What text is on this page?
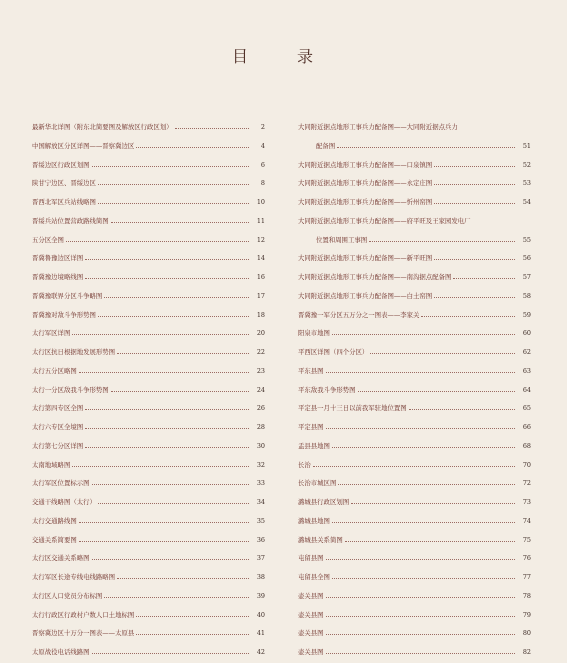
目 录
最新华北详图（附东北简要图及解放区行政区划）	2
中国解放区分区详图——晋察冀边区	4
晋绥边区行政区划图	6
陕甘宁边区、晋绥边区	8
晋西北军区兵站线略图	10
晋绥兵站位置营政路线简图	11
五分区全图	12
晋冀鲁豫边区详图	14
晋冀豫边境略线图	16
晋冀豫联界分区斗争略图	17
晋冀豫对敌斗争形势图	18
太行军区详图	20
太行区抗日根据地发展形势图	22
太行五分区略图	23
太行一分区敌我斗争形势图	24
太行第四专区全图	26
太行六专区全境图	28
太行第七分区详图	30
太南地域略图	32
太行军区位置标示图	33
交通干线略图（太行）	34
太行交通路线图	35
交通关系简要图	36
太行区交通关系略图	37
太行军区长途专线电线路略图	38
太行区人口党员分布标图	39
太行行政区行政村户数人口土地标图	40
晋察冀边区十万分一图表——太原县	41
太原战役电话线路图	42
大同附近据点地形工事兵力配备图——大同附近据点兵力
配备图	51
大同附近据点地形工事兵力配备图——口泉镇图	52
大同附近据点地形工事兵力配备图——永定庄图	53
大同附近据点地形工事兵力配备图——忻州窑图	54
大同附近据点地形工事兵力配备图——府平旺及王家园发电厂
位置和周围工事图	55
大同附近据点地形工事兵力配备图——新平旺图	56
大同附近据点地形工事兵力配备图——南沟据点配备图	57
大同附近据点地形工事兵力配备图——白土窑图	58
晋冀豫一军分区五万分之一图表——李家关	59
阳泉市地图	60
平西区详图（四个分区）	62
平东县图	63
平东敌我斗争形势图	64
平定县一月十三日以前我军驻地位置图	65
平定县图	66
盂县县地图	68
长治	70
长治市城区图	72
潞城县行政区划图	73
潞城县地图	74
潞城县关系简图	75
屯留县图	76
屯留县全图	77
壶关县图	78
壶关县图	79
壶关县图	80
壶关县图	82
